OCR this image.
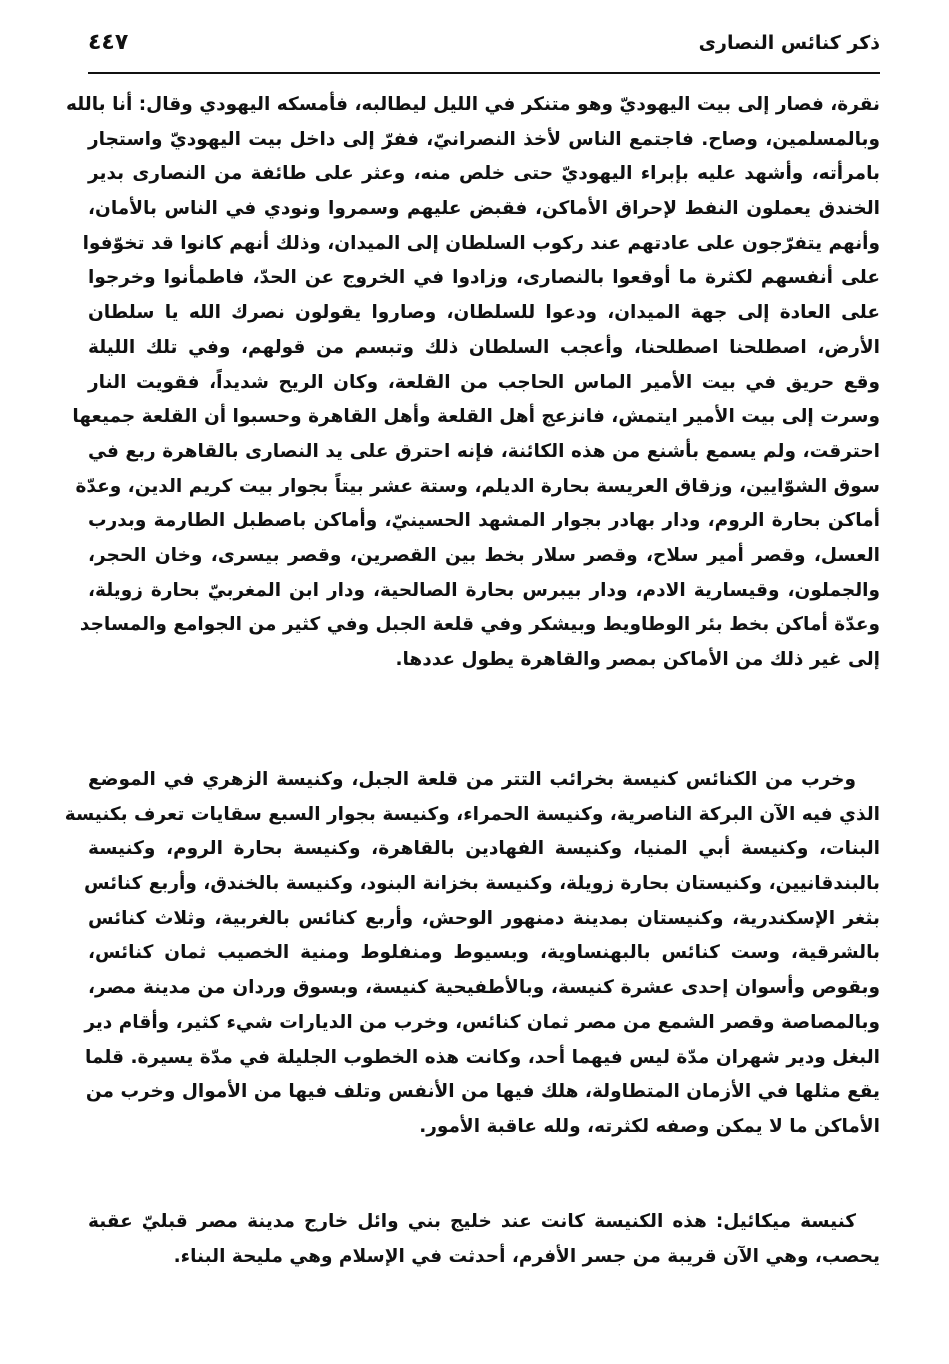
ذكر كنائس النصارى
٤٤٧
نقرة، فصار إلى بيت اليهوديّ وهو متنكر في الليل ليطالبه، فأمسكه اليهودي وقال: أنا بالله
وبالمسلمين، وصاح. فاجتمع الناس لأخذ النصرانيّ، ففرّ إلى داخل بيت اليهوديّ واستجار
بامرأته، وأشهد عليه بإبراء اليهوديّ حتى خلص منه، وعثر على طائفة من النصارى بدير
الخندق يعملون النفط لإحراق الأماكن، فقبض عليهم وسمروا ونودي في الناس بالأمان،
وأنهم يتفرّجون على عادتهم عند ركوب السلطان إلى الميدان، وذلك أنهم كانوا قد تخوّفوا
على أنفسهم لكثرة ما أوقعوا بالنصارى، وزادوا في الخروج عن الحدّ، فاطمأنوا وخرجوا
على العادة إلى جهة الميدان، ودعوا للسلطان، وصاروا يقولون نصرك الله يا سلطان
الأرض، اصطلحنا اصطلحنا، وأعجب السلطان ذلك وتبسم من قولهم، وفي تلك الليلة
وقع حريق في بيت الأمير الماس الحاجب من القلعة، وكان الريح شديداً، فقويت النار
وسرت إلى بيت الأمير ايتمش، فانزعج أهل القلعة وأهل القاهرة وحسبوا أن القلعة جميعها
احترقت، ولم يسمع بأشنع من هذه الكائنة، فإنه احترق على يد النصارى بالقاهرة ربع في
سوق الشوّايين، وزقاق العريسة بحارة الديلم، وستة عشر بيتاً بجوار بيت كريم الدين، وعدّة
أماكن بحارة الروم، ودار بهادر بجوار المشهد الحسينيّ، وأماكن باصطبل الطارمة وبدرب
العسل، وقصر أمير سلاح، وقصر سلار بخط بين القصرين، وقصر بيسرى، وخان الحجر،
والجملون، وقيسارية الادم، ودار بيبرس بحارة الصالحية، ودار ابن المغربيّ بحارة زويلة،
وعدّة أماكن بخط بئر الوطاويط وبيشكر وفي قلعة الجبل وفي كثير من الجوامع والمساجد
إلى غير ذلك من الأماكن بمصر والقاهرة يطول عددها.
وخرب من الكنائس كنيسة بخرائب التتر من قلعة الجبل، وكنيسة الزهري في الموضع
الذي فيه الآن البركة الناصرية، وكنيسة الحمراء، وكنيسة بجوار السبع سقايات تعرف بكنيسة
البنات، وكنيسة أبي المنيا، وكنيسة الفهادين بالقاهرة، وكنيسة بحارة الروم، وكنيسة
بالبندقانيين، وكنيستان بحارة زويلة، وكنيسة بخزانة البنود، وكنيسة بالخندق، وأربع كنائس
بثغر الإسكندرية، وكنيستان بمدينة دمنهور الوحش، وأربع كنائس بالغربية، وثلاث كنائس
بالشرقية، وست كنائس بالبهنساوية، وبسيوط ومنفلوط ومنية الخصيب ثمان كنائس،
وبقوص وأسوان إحدى عشرة كنيسة، وبالأطفيحية كنيسة، وبسوق وردان من مدينة مصر،
وبالمصاصة وقصر الشمع من مصر ثمان كنائس، وخرب من الديارات شيء كثير، وأقام دير
البغل ودير شهران مدّة ليس فيهما أحد، وكانت هذه الخطوب الجليلة في مدّة يسيرة. قلما
يقع مثلها في الأزمان المتطاولة، هلك فيها من الأنفس وتلف فيها من الأموال وخرب من
الأماكن ما لا يمكن وصفه لكثرته، ولله عاقبة الأمور.
كنيسة ميكائيل: هذه الكنيسة كانت عند خليج بني وائل خارج مدينة مصر قبليّ عقبة
يحصب، وهي الآن قريبة من جسر الأفرم، أحدثت في الإسلام وهي مليحة البناء.
